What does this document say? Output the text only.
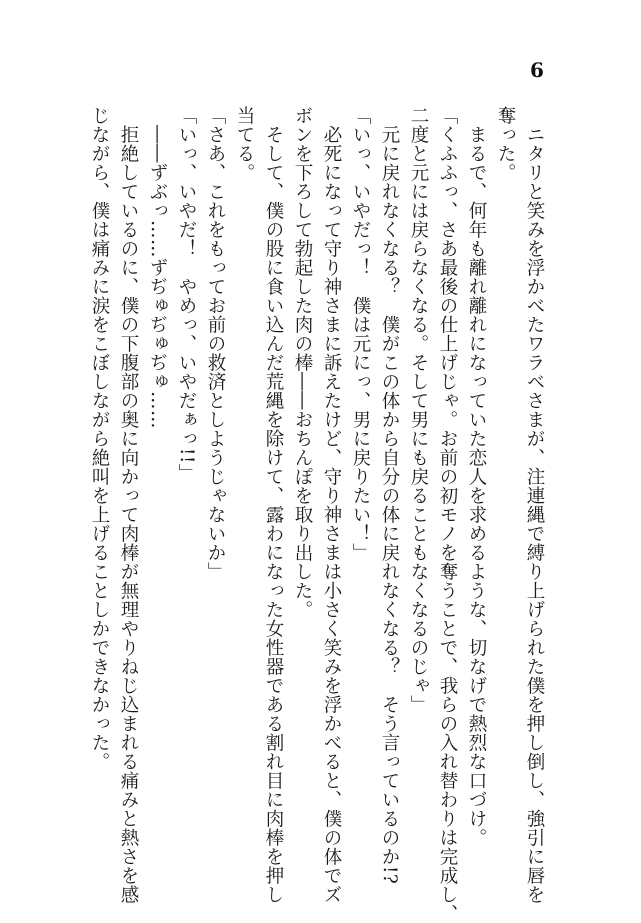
6
　ニタリと笑みを浮かべたワラベさまが、注連縄で縛り上げられた僕を押し倒し、強引に唇を
奪った。
　まるで、何年も離れ離れになっていた恋人を求めるような、切なげで熱烈な口づけ。
「くふふっ、さあ最後の仕上げじゃ。お前の初モノを奪うことで、我らの入れ替わりは完成し、
二度と元には戻らなくなる。そして男にも戻ることもなくなるのじゃ」
　元に戻れなくなる？　僕がこの体から自分の体に戻れなくなる？　そう言っているのか!?
「いっ、いやだっ！　僕は元にっ、男に戻りたい！」
　必死になって守り神さまに訴えたけど、守り神さまは小さく笑みを浮かべると、僕の体でズ
ボンを下ろして勃起した肉の棒――おちんぽを取り出した。
　そして、僕の股に食い込んだ荒縄を除けて、露わになった女性器である割れ目に肉棒を押し
当てる。
「さあ、これをもってお前の救済としようじゃないか」
「いっ、いやだ！　やめっ、いやだぁっ!!」
　――ずぶっ……ずぢゅぢゅぢゅ……
　拒絶しているのに、僕の下腹部の奥に向かって肉棒が無理やりねじ込まれる痛みと熱さを感
じながら、僕は痛みに涙をこぼしながら絶叫を上げることしかできなかった。
